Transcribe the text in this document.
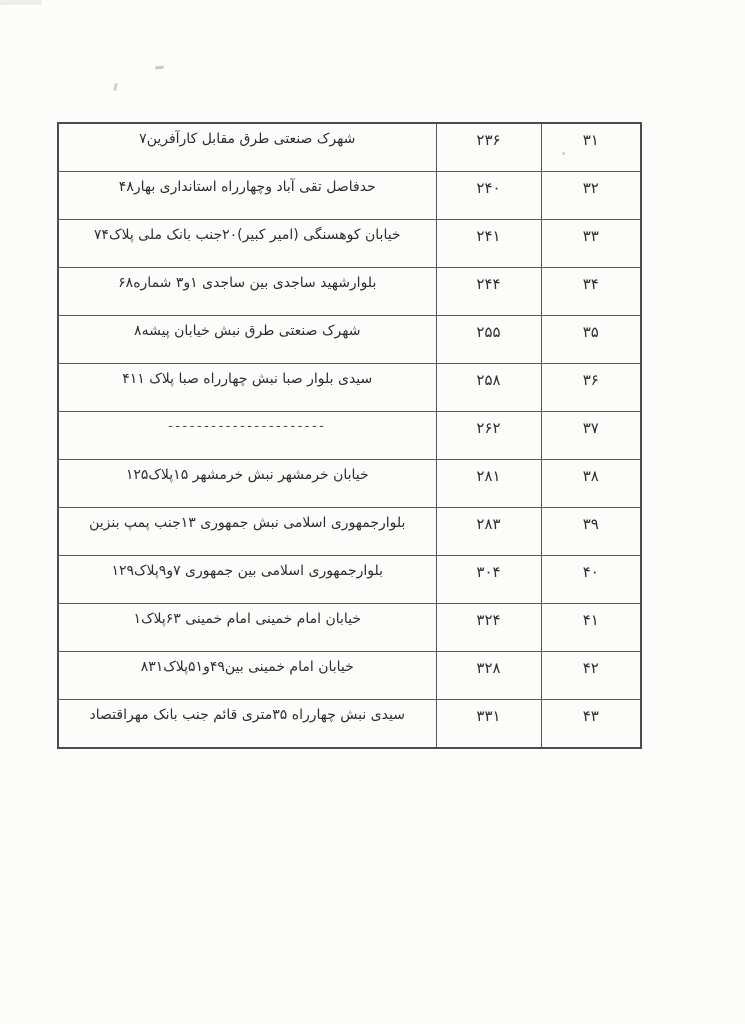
۳۱	۲۳۶	شهرک صنعتی طرق مقابل کارآفرین۷
۳۲	۲۴۰	حدفاصل تقی آباد وچهارراه استانداری بهار۴۸
۳۳	۲۴۱	خیابان کوهسنگی (امیر کبیر)۲۰جنب بانک ملی پلاک۷۴
۳۴	۲۴۴	بلوارشهید ساجدی بین ساجدی ۱و۳ شماره۶۸
۳۵	۲۵۵	شهرک صنعتی طرق نبش خیابان پیشه۸
۳۶	۲۵۸	سیدی بلوار صبا نبش چهارراه صبا پلاک ۴۱۱
۳۷	۲۶۲	----------------------
۳۸	۲۸۱	خیابان خرمشهر نبش خرمشهر ۱۵پلاک۱۲۵
۳۹	۲۸۳	بلوارجمهوری اسلامی نبش جمهوری ۱۳جنب پمپ بنزین
۴۰	۳۰۴	بلوارجمهوری اسلامی بین جمهوری ۷و۹پلاک۱۲۹
۴۱	۳۲۴	خیابان امام خمینی امام خمینی ۶۳پلاک۱
۴۲	۳۲۸	خیابان امام خمینی بین۴۹و۵۱پلاک۸۳۱
۴۳	۳۳۱	سیدی نبش چهارراه ۳۵متری قائم جنب بانک مهراقتصاد
